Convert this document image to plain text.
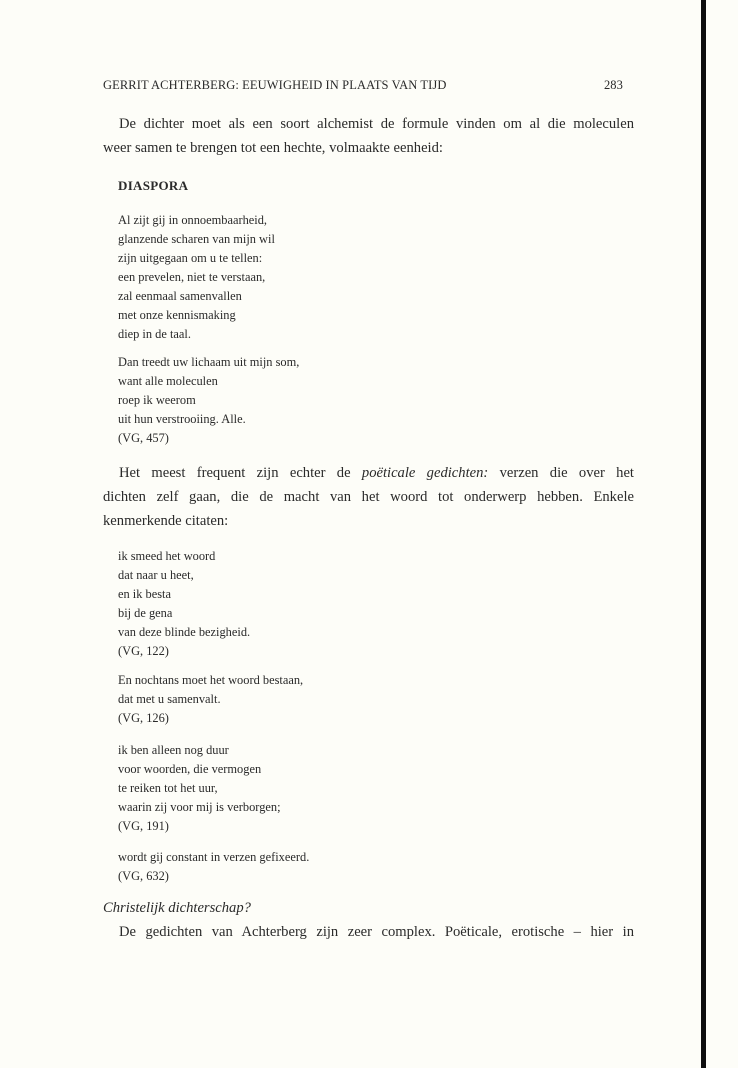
GERRIT ACHTERBERG: EEUWIGHEID IN PLAATS VAN TIJD	283
De dichter moet als een soort alchemist de formule vinden om al die moleculen
weer samen te brengen tot een hechte, volmaakte eenheid:
DIASPORA
Al zijt gij in onnoembaarheid,
glanzende scharen van mijn wil
zijn uitgegaan om u te tellen:
een prevelen, niet te verstaan,
zal eenmaal samenvallen
met onze kennismaking
diep in de taal.
Dan treedt uw lichaam uit mijn som,
want alle moleculen
roep ik weerom
uit hun verstrooiing. Alle.
(VG, 457)
Het meest frequent zijn echter de poëticale gedichten: verzen die over het
dichten zelf gaan, die de macht van het woord tot onderwerp hebben. Enkele
kenmerkende citaten:
ik smeed het woord
dat naar u heet,
en ik besta
bij de gena
van deze blinde bezigheid.
(VG, 122)
En nochtans moet het woord bestaan,
dat met u samenvalt.
(VG, 126)
ik ben alleen nog duur
voor woorden, die vermogen
te reiken tot het uur,
waarin zij voor mij is verborgen;
(VG, 191)
wordt gij constant in verzen gefixeerd.
(VG, 632)
Christelijk dichterschap?
De gedichten van Achterberg zijn zeer complex. Poëticale, erotische – hier in
